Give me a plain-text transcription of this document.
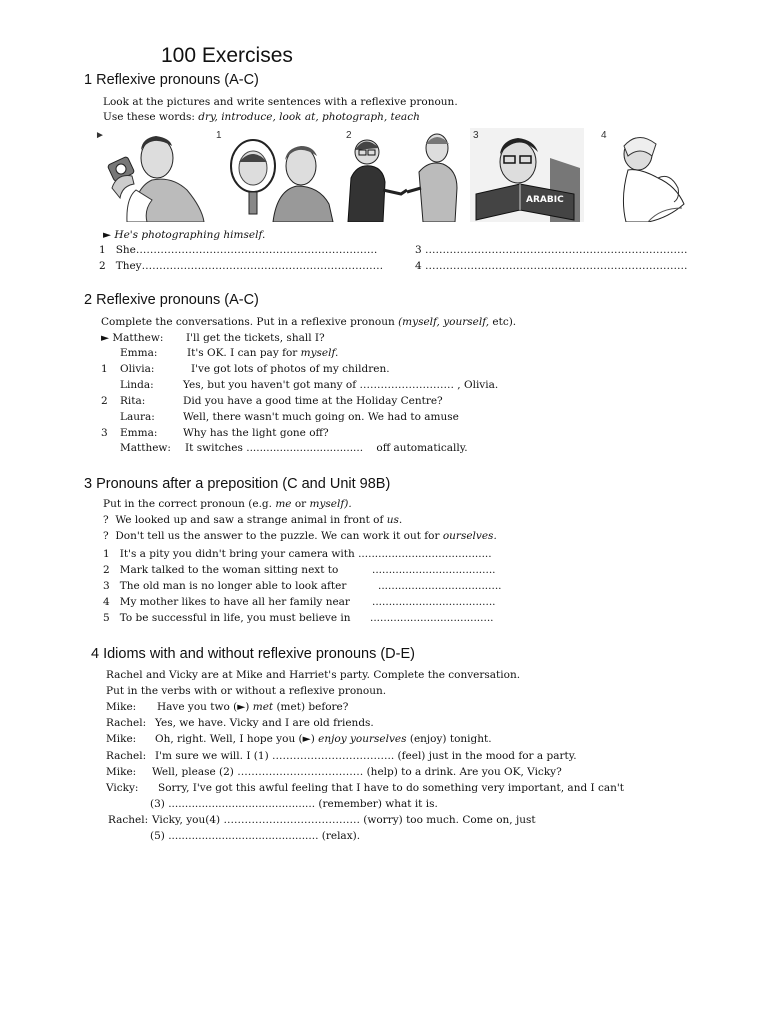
100 Exercises
1 Reflexive pronouns (A-C)
Look at the pictures and write sentences with a reflexive pronoun.
Use these words: dry, introduce, look at, photograph, teach
►	1	2
ARABIC
3	4
► He's photographing himself.
1 She……………………………………………………………
2 They……………………………………………………………
3 …………………………………………………………………
4 …………………………………………………………………
2 Reflexive pronouns (A-C)
Complete the conversations. Put in a reflexive pronoun (myself, yourself, etc).
► Matthew: I'll get the tickets, shall I?
Emma:	It's OK. I can pay for myself.
1 Olivia:	I've got lots of photos of my children.
Linda:	Yes, but you haven't got many of ……………………… , Olivia.
2 Rita:	Did you have a good time at the Holiday Centre?
Laura:	Well, there wasn't much going on. We had to amuse
3 Emma: Why has the light gone off?
Matthew: It switches ................................... off automatically.
3 Pronouns after a preposition (C and Unit 98B)
Put in the correct pronoun (e.g. me or myself).
? We looked up and saw a strange animal in front of us.
? Don't tell us the answer to the puzzle. We can work it out for ourselves.
1 It's a pity you didn't bring your camera with ........................................
2 Mark talked to the woman sitting next to	.....................................
3 The old man is no longer able to look after	.....................................
4 My mother likes to have all her family near .....................................
5 To be successful in life, you must believe in .....................................
4 Idioms with and without reflexive pronouns (D-E)
Rachel and Vicky are at Mike and Harriet's party. Complete the conversation.
Put in the verbs with or without a reflexive pronoun.
Mike: Have you two (►) met (met) before?
Rachel: Yes, we have. Vicky and I are old friends.
Mike: Oh, right. Well, I hope you (►) enjoy yourselves (enjoy) tonight.
Rachel: I'm sure we will. I (1) …………………………….. (feel) just in the mood for a party.
Mike: Well, please (2) ……………………………… (help) to a drink. Are you OK, Vicky?
Vicky: Sorry, I've got this awful feeling that I have to do something very important, and I can't
(3) ............................................ (remember) what it is.
Rachel: Vicky, you(4) ………………………………… (worry) too much. Come on, just
(5) ............................................. (relax).
